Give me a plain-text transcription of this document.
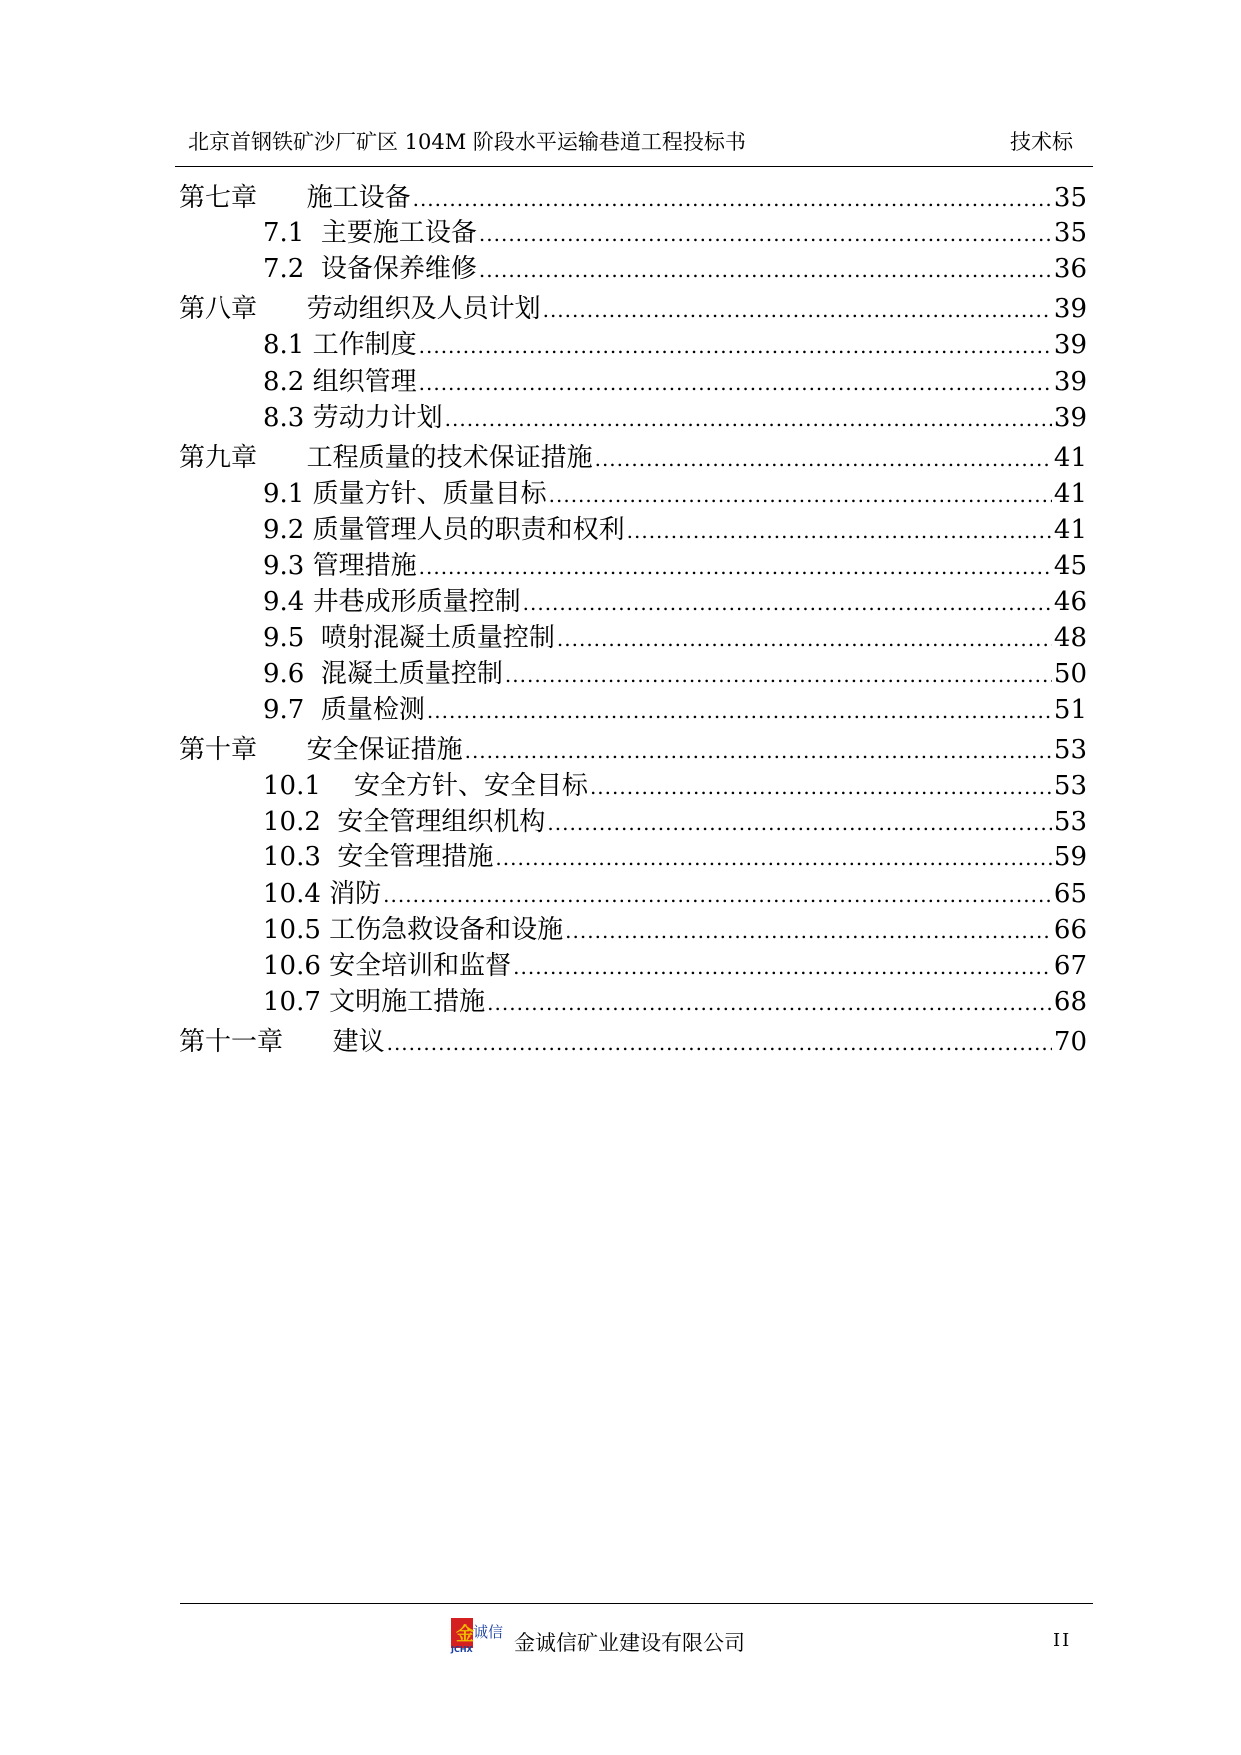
北京首钢铁矿沙厂矿区 104M 阶段水平运输巷道工程投标书	技术标
第七章      施工设备 .....	35
7.1  主要施工设备 .....	35
7.2  设备保养维修 .....	36
第八章      劳动组织及人员计划 .....	39
8.1 工作制度 .....	39
8.2 组织管理 .....	39
8.3 劳动力计划 .....	39
第九章      工程质量的技术保证措施 .....	41
9.1 质量方针、质量目标 .....	41
9.2 质量管理人员的职责和权利 .....	41
9.3 管理措施 .....	45
9.4 井巷成形质量控制 .....	46
9.5  喷射混凝土质量控制 .....	48
9.6  混凝土质量控制 .....	50
9.7  质量检测 .....	51
第十章      安全保证措施 .....	53
10.1    安全方针、安全目标 .....	53
10.2  安全管理组织机构 .....	53
10.3  安全管理措施 .....	59
10.4 消防 .....	65
10.5 工伤急救设备和设施 .....	66
10.6 安全培训和监督 .....	67
10.7 文明施工措施 .....	68
第十一章      建议 .....	70
金 诚信
JCHX 金诚信矿业建设有限公司	II
